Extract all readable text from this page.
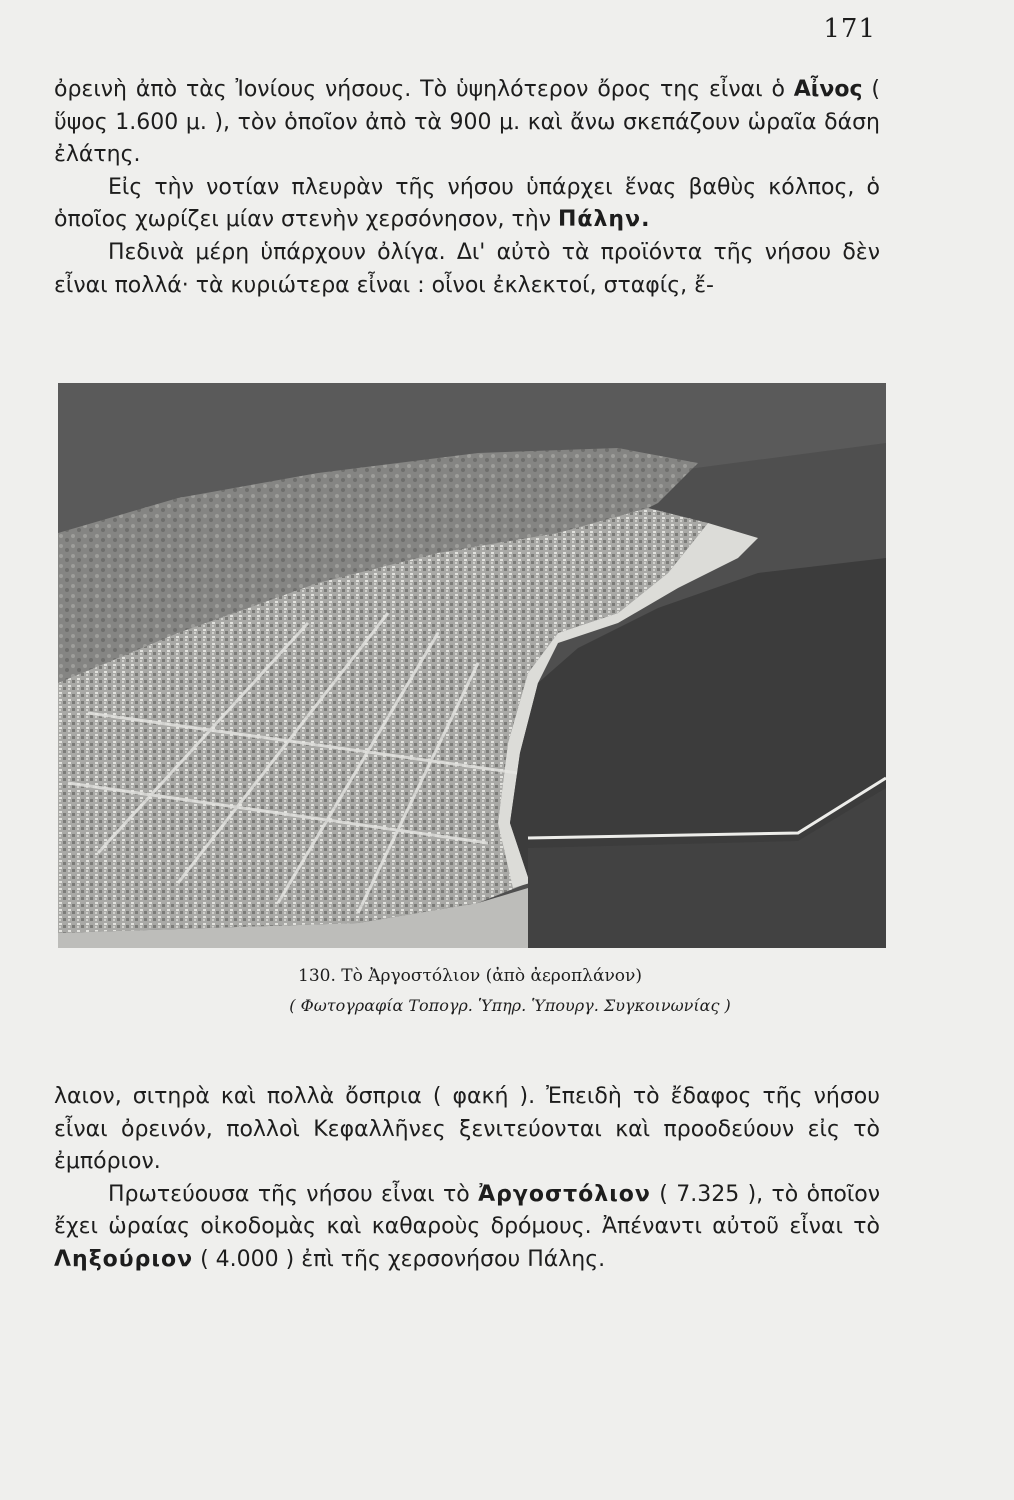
171

ὀρεινὴ ἀπὸ τὰς Ἰονίους νήσους. Τὸ ὑψηλότερον ὄρος της εἶναι ὁ Αἶνος ( ὕψος 1.600 μ. ), τὸν ὁποῖον ἀπὸ τὰ 900 μ. καὶ ἄνω σκεπάζουν ὡραῖα δάση ἐλάτης.

Εἰς τὴν νοτίαν πλευρὰν τῆς νήσου ὑπάρχει ἕνας βαθὺς κόλπος, ὁ ὁποῖος χωρίζει μίαν στενὴν χερσόνησον, τὴν Πάλην.

Πεδινὰ μέρη ὑπάρχουν ὀλίγα. Δι' αὐτὸ τὰ προϊόντα τῆς νήσου δὲν εἶναι πολλά· τὰ κυριώτερα εἶναι : οἶνοι ἐκλεκτοί, σταφίς, ἔ-

130. Τὸ Ἀργοστόλιον (ἀπὸ ἀεροπλάνον)
( Φωτογραφία Τοπογρ. Ὑπηρ. Ὑπουργ. Συγκοινωνίας )

λαιον, σιτηρὰ καὶ πολλὰ ὄσπρια ( φακή ). Ἐπειδὴ τὸ ἔδαφος τῆς νήσου εἶναι ὀρεινόν, πολλοὶ Κεφαλλῆνες ξενιτεύονται καὶ προοδεύουν εἰς τὸ ἐμπόριον.

Πρωτεύουσα τῆς νήσου εἶναι τὸ Ἀργοστόλιον ( 7.325 ), τὸ ὁποῖον ἔχει ὡραίας οἰκοδομὰς καὶ καθαροὺς δρόμους. Ἀπέναντι αὐτοῦ εἶναι τὸ Ληξούριον ( 4.000 ) ἐπὶ τῆς χερσονήσου Πάλης.
